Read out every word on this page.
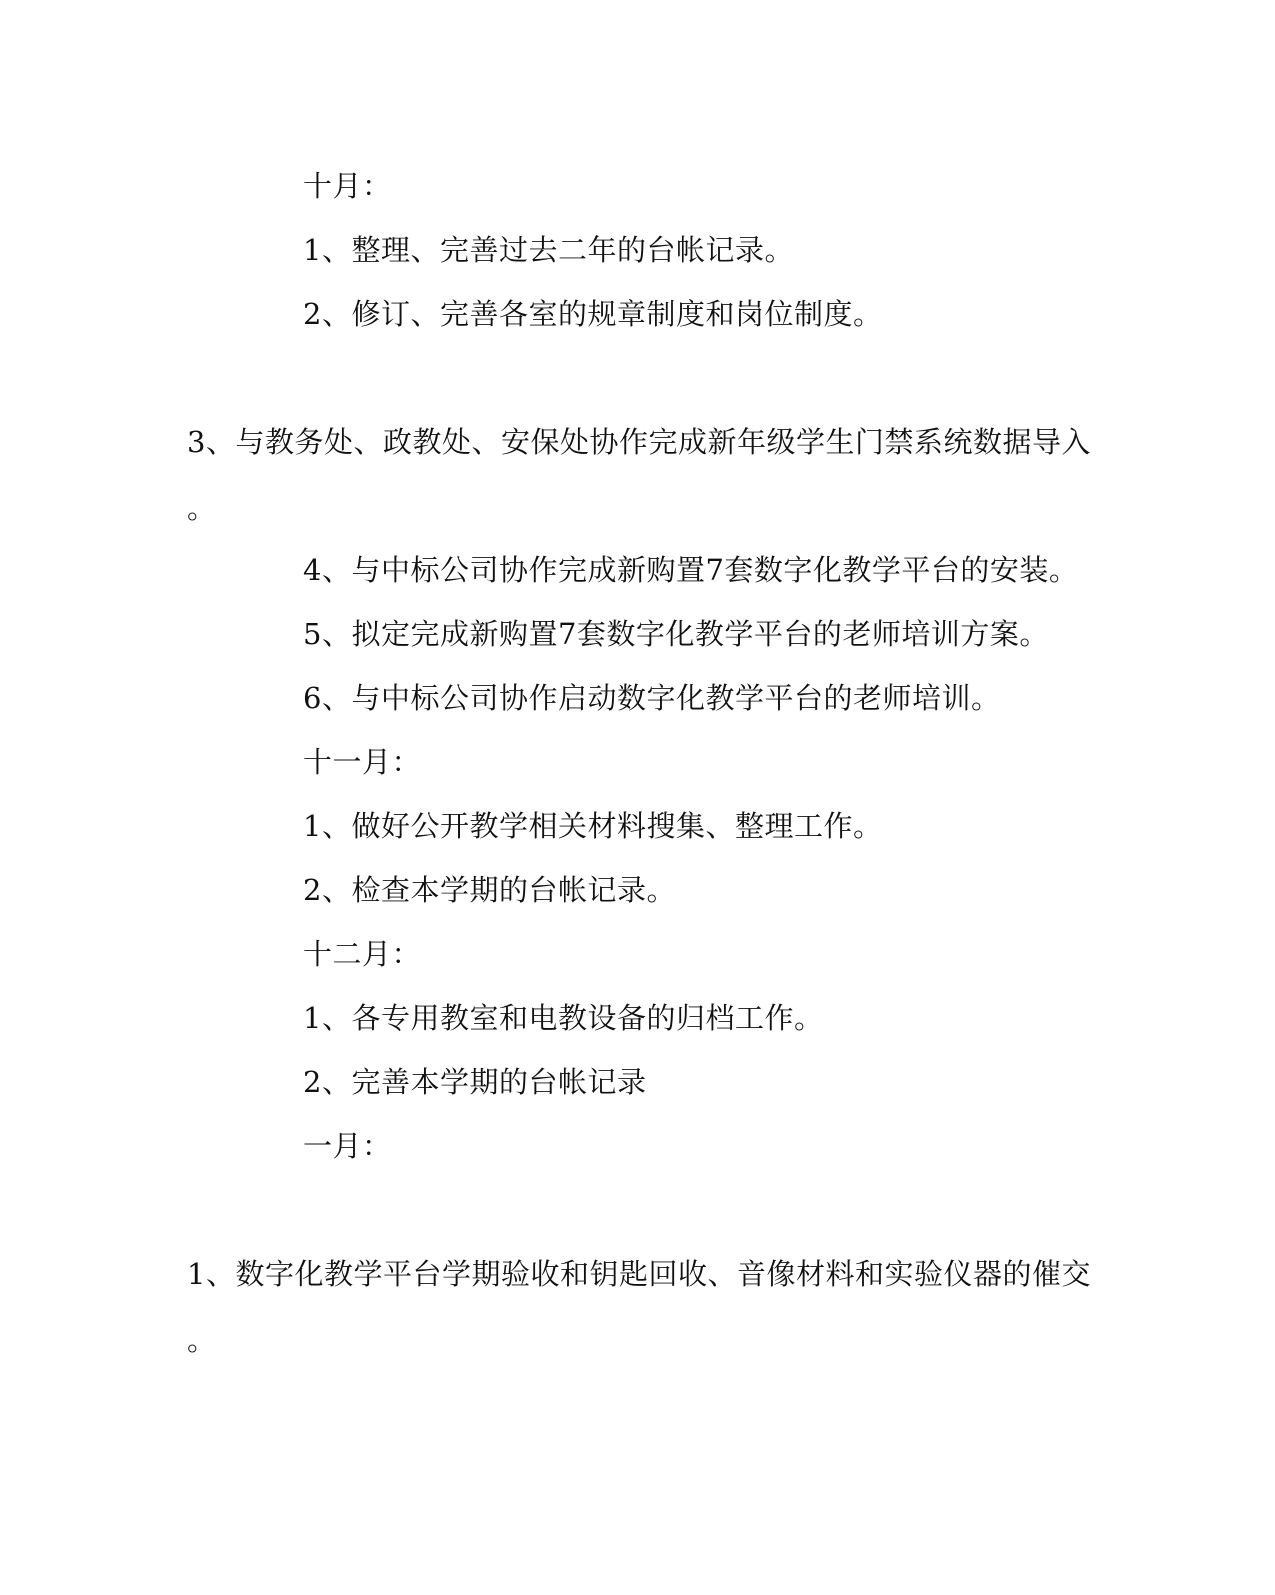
十月：
1、整理、完善过去二年的台帐记录。
2、修订、完善各室的规章制度和岗位制度。
3、与教务处、政教处、安保处协作完成新年级学生门禁系统数据导入
。
4、与中标公司协作完成新购置7套数字化教学平台的安装。
5、拟定完成新购置7套数字化教学平台的老师培训方案。
6、与中标公司协作启动数字化教学平台的老师培训。
十一月：
1、做好公开教学相关材料搜集、整理工作。
2、检查本学期的台帐记录。
十二月：
1、各专用教室和电教设备的归档工作。
2、完善本学期的台帐记录
一月：
1、数字化教学平台学期验收和钥匙回收、音像材料和实验仪器的催交
。
